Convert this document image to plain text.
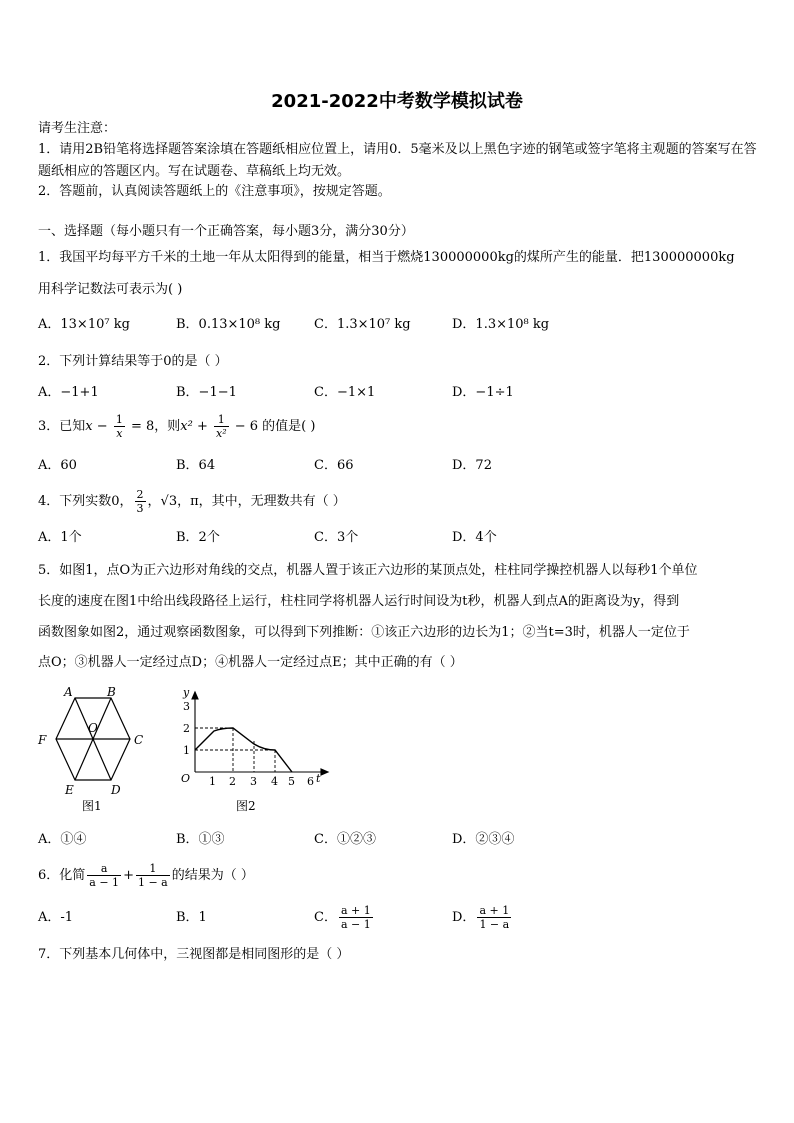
2021-2022中考数学模拟试卷
请考生注意：
1．请用2B铅笔将选择题答案涂填在答题纸相应位置上，请用0．5毫米及以上黑色字迹的钢笔或签字笔将主观题的答案写在答题纸相应的答题区内。写在试题卷、草稿纸上均无效。
2．答题前，认真阅读答题纸上的《注意事项》，按规定答题。
一、选择题（每小题只有一个正确答案，每小题3分，满分30分）
1．我国平均每平方千米的土地一年从太阳得到的能量，相当于燃烧130000000kg的煤所产生的能量．把130000000kg
用科学记数法可表示为( )
A．13×10⁷ kg	B．0.13×10⁸ kg	C．1.3×10⁷ kg	D．1.3×10⁸ kg
2．下列计算结果等于0的是（ ）
A．−1+1	B．−1−1	C．−1×1	D．−1÷1
3．已知$x - \frac{1}{x} = 8$，则$x^2 + \frac{1}{\text{x²}} - 6$ 的值是( )
A．60	B．64	C．66	D．72
4．下列实数0， $\frac{2}{3}$ ，√3，π，其中，无理数共有（ ）
A．1个	B．2个	C．3个	D．4个
5．如图1，点O为正六边形对角线的交点，机器人置于该正六边形的某顶点处，柱柱同学操控机器人以每秒1个单位
长度的速度在图1中给出线段路径上运行，柱柱同学将机器人运行时间设为t秒，机器人到点A的距离设为y，得到
函数图象如图2，通过观察函数图象，可以得到下列推断：①该正六边形的边长为1；②当t=3时，机器人一定位于
点O；③机器人一定经过点D；④机器人一定经过点E；其中正确的有（ ）
A	B
C
D
E
F
O
图1
y
t
O
1
2
3
1 2 3 4 5 6
图2
A．①④	B．①③	C．①②③	D．②③④
6．化简 $\frac{a}{a - 1} + \frac{1}{1 - a}$ 的结果为（ ）
A．-1	B．1	C． $\frac{a + 1}{a - 1}$	D． $\frac{a + 1}{1 - a}$
7．下列基本几何体中，三视图都是相同图形的是（ ）
